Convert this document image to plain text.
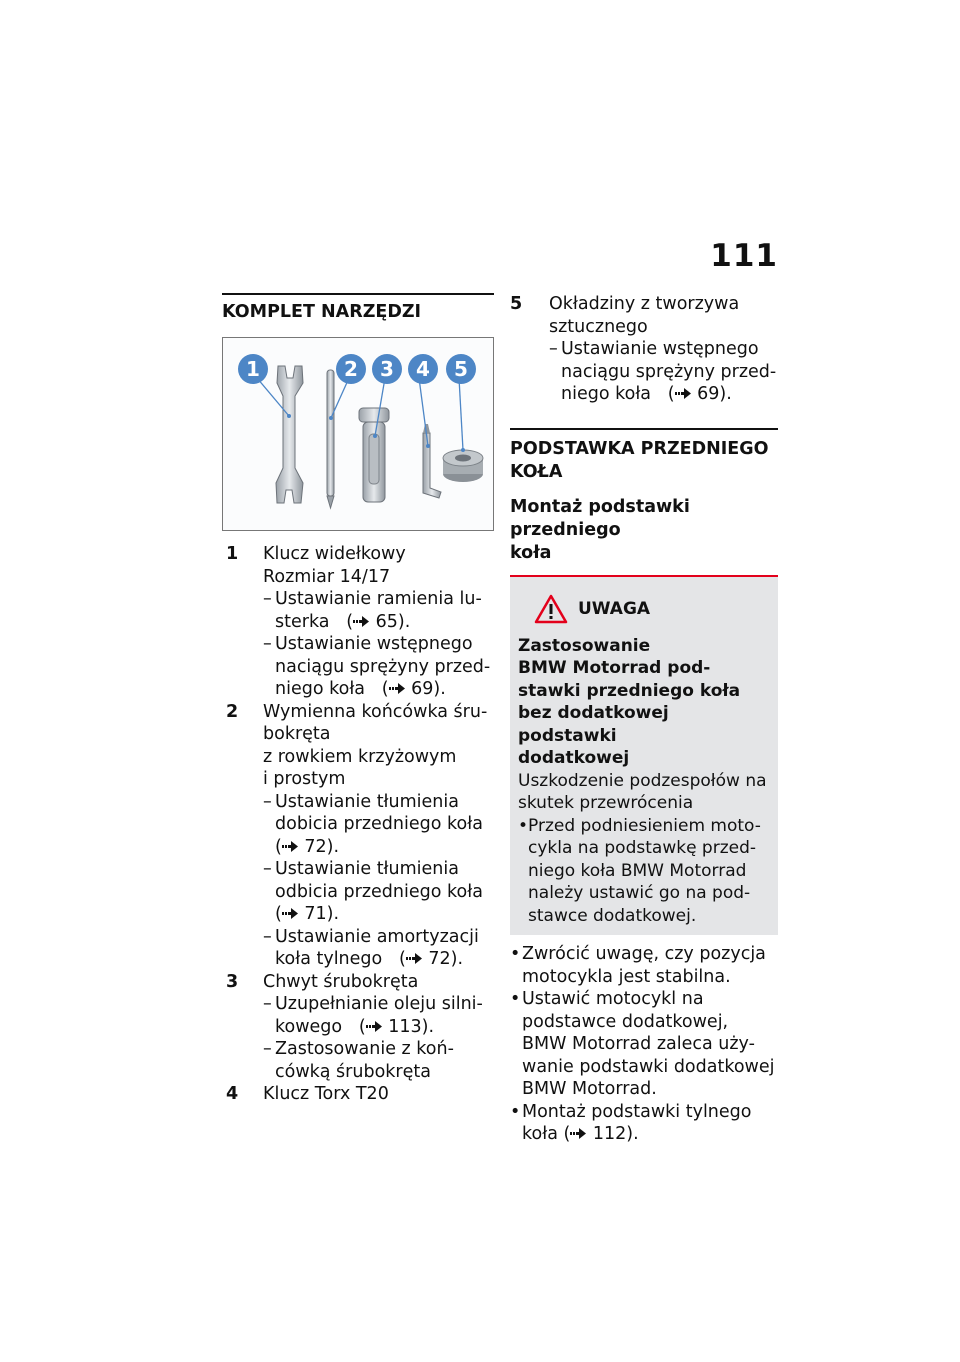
111
KOMPLET NARZĘDZI
1	2 3 4 5
1 Klucz widełkowy
Rozmiar 14/17
– Ustawianie ramienia lu-
sterka   ( 65).
– Ustawianie wstępnego
naciągu sprężyny przed-
niego koła   ( 69).
2 Wymienna końcówka śru-
bokręta
z rowkiem krzyżowym
i prostym
– Ustawianie tłumienia
dobicia przedniego koła
( 72).
– Ustawianie tłumienia
odbicia przedniego koła
( 71).
– Ustawianie amortyzacji
koła tylnego   ( 72).
3 Chwyt śrubokręta
– Uzupełnianie oleju silni-
kowego   ( 113).
– Zastosowanie z koń-
cówką śrubokręta
4 Klucz Torx T20
5 Okładziny z tworzywa
sztucznego
– Ustawianie wstępnego
naciągu sprężyny przed-
niego koła   ( 69).
PODSTAWKA PRZEDNIEGO
KOŁA
Montaż podstawki przedniego
koła
UWAGA
Zastosowanie
BMW Motorrad pod-
stawki przedniego koła
bez dodatkowej podstawki
dodatkowej
Uszkodzenie podzespołów na
skutek przewrócenia
• Przed podniesieniem moto-
cykla na podstawkę przed-
niego koła BMW Motorrad
należy ustawić go na pod-
stawce dodatkowej.
• Zwrócić uwagę, czy pozycja
motocykla jest stabilna.
• Ustawić motocykl na
podstawce dodatkowej,
BMW Motorrad zaleca uży-
wanie podstawki dodatkowej
BMW Motorrad.
• Montaż podstawki tylnego
koła ( 112).
